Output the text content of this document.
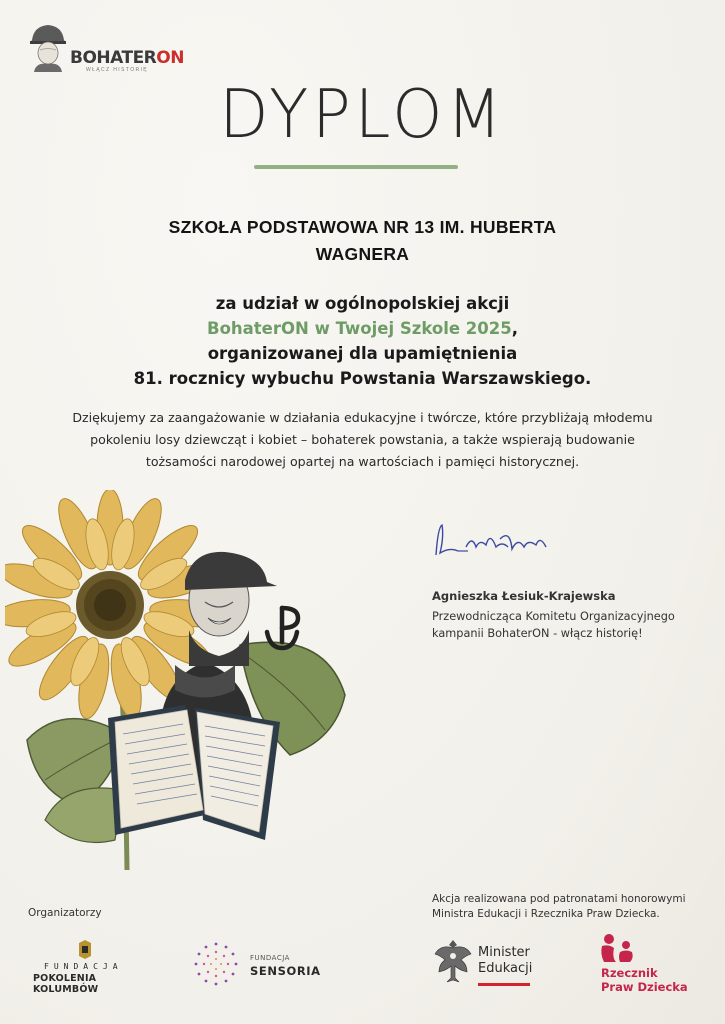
BOHATERON
WŁĄCZ HISTORIĘ
DYPLOM
SZKOŁA PODSTAWOWA NR 13 IM. HUBERTA
WAGNERA
za udział w ogólnopolskiej akcji
BohaterON w Twojej Szkole 2025,
organizowanej dla upamiętnienia
81. rocznicy wybuchu Powstania Warszawskiego.
Dziękujemy za zaangażowanie w działania edukacyjne i twórcze, które przybliżają młodemu
pokoleniu losy dziewcząt i kobiet – bohaterek powstania, a także wspierają budowanie
tożsamości narodowej opartej na wartościach i pamięci historycznej.
Agnieszka Łesiuk-Krajewska
Przewodnicząca Komitetu Organizacyjnego
kampanii BohaterON - włącz historię!
Akcja realizowana pod patronatami honorowymi
Ministra Edukacji i Rzecznika Praw Dziecka.
Organizatorzy
FUNDACJA
POKOLENIA KOLUMBÓW
FUNDACJA
SENSORIA
Minister
Edukacji	Rzecznik
Praw Dziecka
